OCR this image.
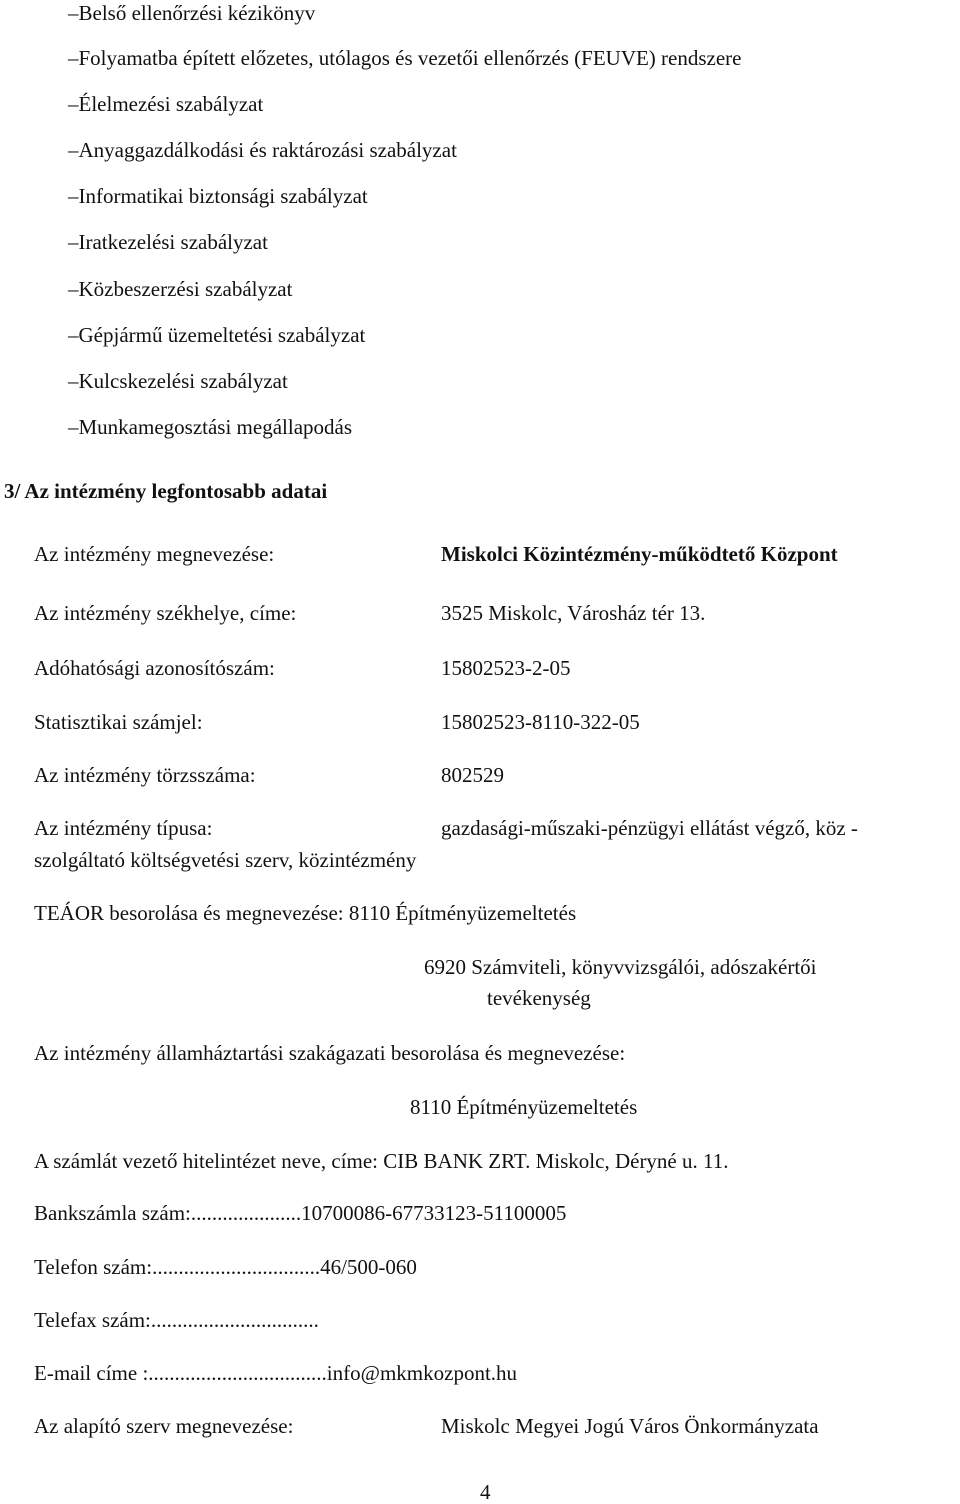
–Belső ellenőrzési kézikönyv
–Folyamatba épített előzetes, utólagos és vezetői ellenőrzés (FEUVE) rendszere
–Élelmezési szabályzat
–Anyaggazdálkodási és raktározási szabályzat
–Informatikai biztonsági szabályzat
–Iratkezelési szabályzat
–Közbeszerzési szabályzat
–Gépjármű üzemeltetési szabályzat
–Kulcskezelési szabályzat
–Munkamegosztási megállapodás
3/ Az intézmény legfontosabb adatai
Az intézmény megnevezése:	Miskolci Közintézmény-működtető Központ
Az intézmény székhelye, címe:	3525 Miskolc, Városház tér 13.
Adóhatósági azonosítószám:	15802523-2-05
Statisztikai számjel:	15802523-8110-322-05
Az intézmény törzsszáma:	802529
Az intézmény típusa:	gazdasági-műszaki-pénzügyi ellátást végző, köz -
szolgáltató költségvetési szerv, közintézmény
TEÁOR besorolása és megnevezése: 8110 Építményüzemeltetés
6920 Számviteli, könyvvizsgálói, adószakértői
tevékenység
Az intézmény államháztartási szakágazati besorolása és megnevezése:
8110 Építményüzemeltetés
A számlát vezető hitelintézet neve, címe: CIB BANK ZRT. Miskolc, Déryné u. 11.
Bankszámla szám:.....................10700086-67733123-51100005
Telefon szám:................................46/500-060
Telefax szám:................................
E-mail címe :..................................info@mkmkozpont.hu
Az alapító szerv megnevezése:	Miskolc Megyei Jogú Város Önkormányzata
4
